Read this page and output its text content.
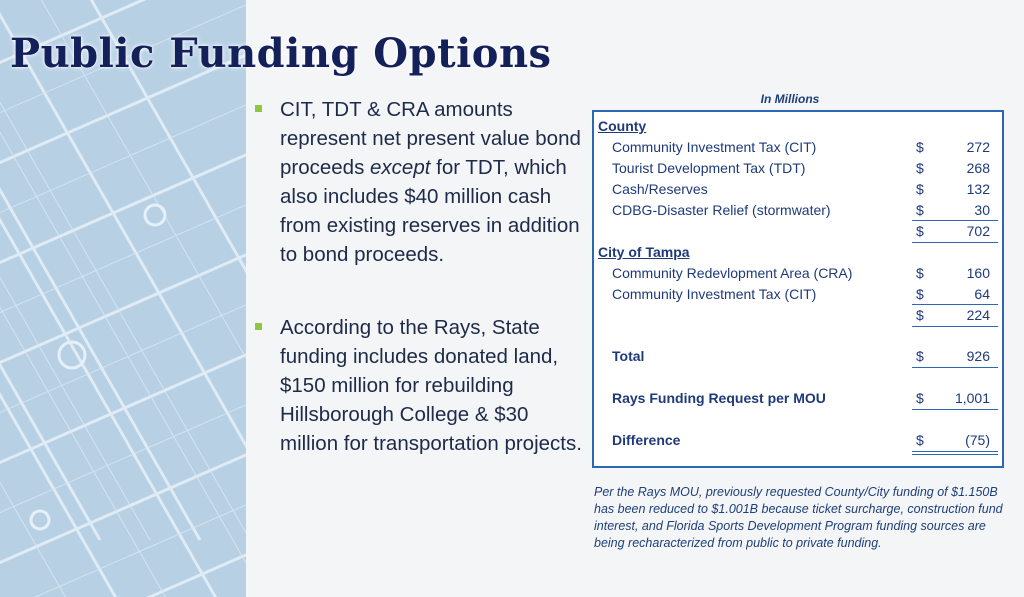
Public Funding Options
CIT, TDT & CRA amounts represent net present value bond proceeds except for TDT, which also includes $40 million cash from existing reserves in addition to bond proceeds.
According to the Rays, State funding includes donated land, $150 million for rebuilding Hillsborough College & $30 million for transportation projects.
In Millions
County
Community Investment Tax (CIT)	$	272
Tourist Development Tax (TDT)	$	268
Cash/Reserves	$	132
CDBG-Disaster Relief (stormwater)	$	30
$	702
City of Tampa
Community Redevlopment Area (CRA)	$	160
Community Investment Tax (CIT)	$	64
$	224
Total	$	926
Rays Funding Request per MOU	$ 1,001
Difference	$	(75)
Per the Rays MOU, previously requested County/City funding of $1.150B has been reduced to $1.001B because ticket surcharge, construction fund interest, and Florida Sports Development Program funding sources are being recharacterized from public to private funding.
